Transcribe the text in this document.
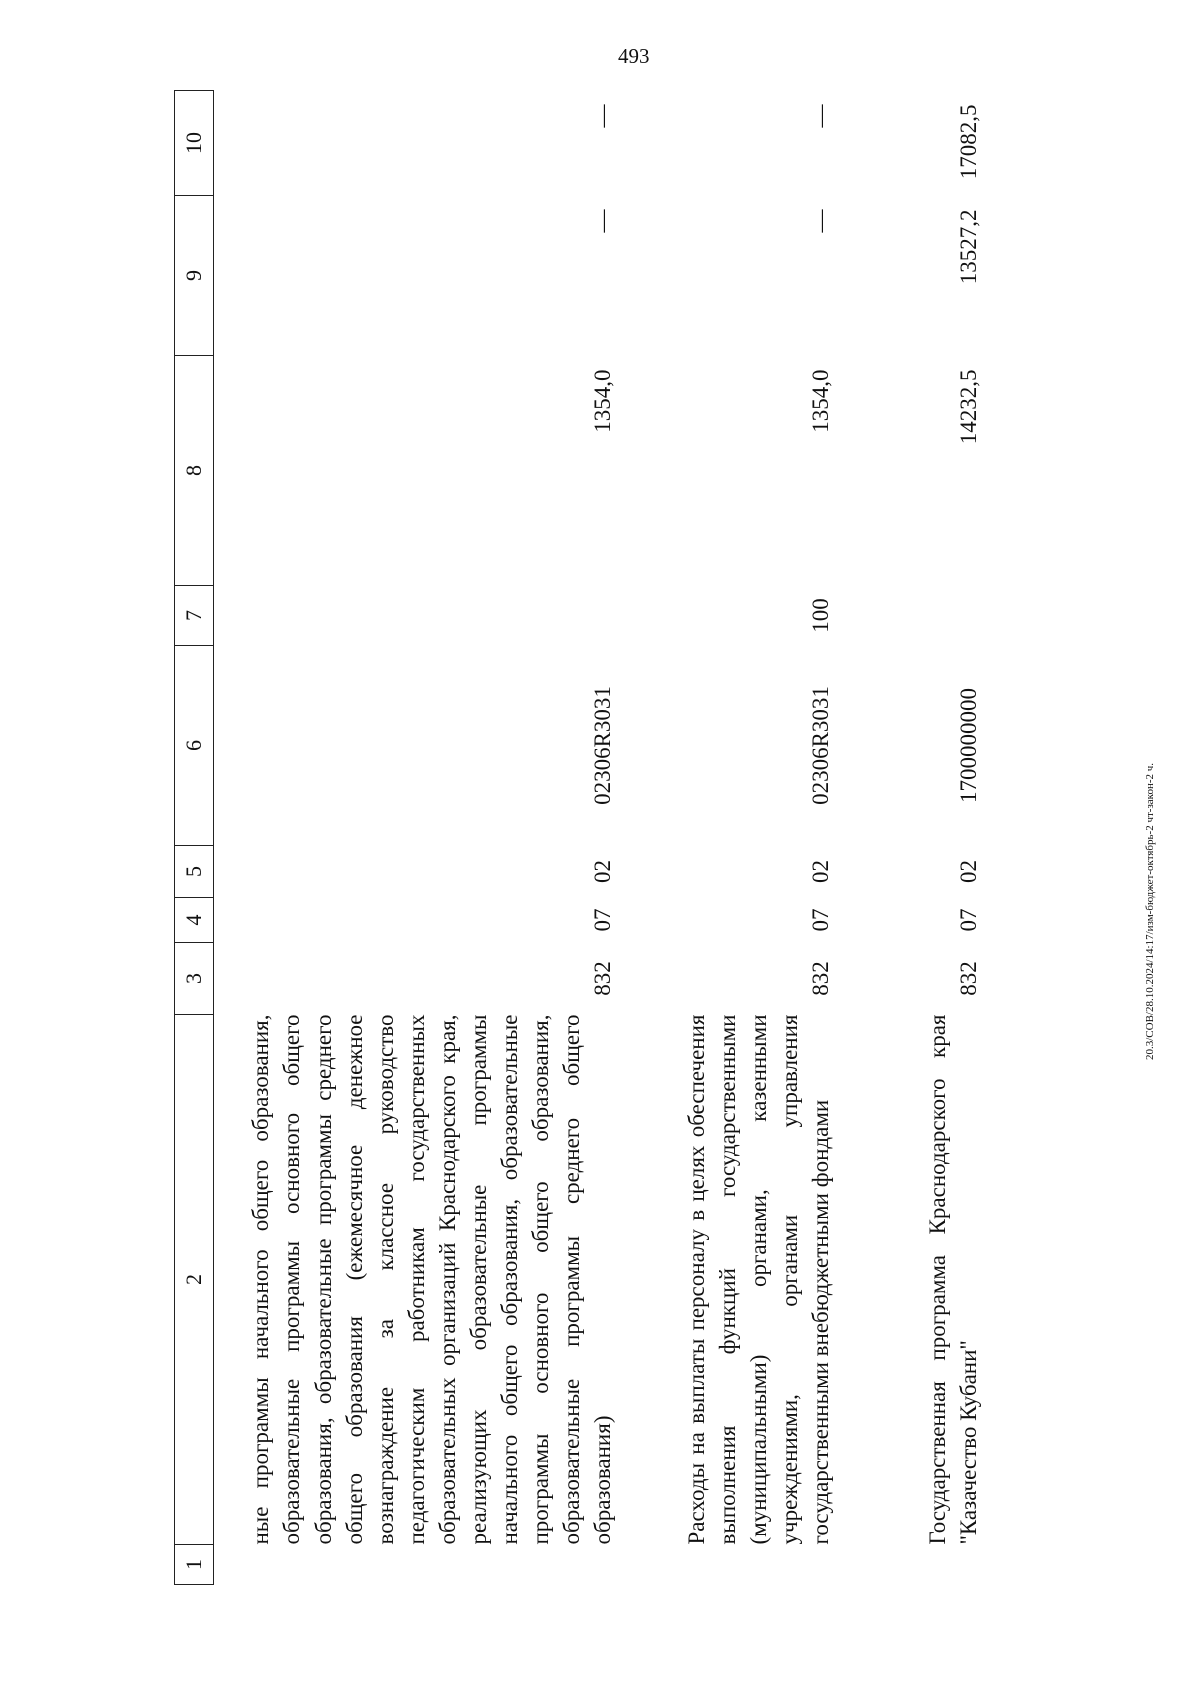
493
1	2	3	4	5	6	7	8	9	10
	ные программы начального общего образования, образовательные программы основного общего образования, образовательные программы среднего общего образования (ежемесячное денежное вознаграждение за классное руководство педагогическим работникам государственных образовательных организаций Краснодарского края, реализующих образовательные программы начального общего образования, образовательные программы основного общего образования, образовательные программы среднего общего образования)	832	07	02	02306R3031		1354,0	—	—
	Расходы на выплаты персоналу в целях обеспечения выполнения функций государственными (муниципальными) органами, казенными учреждениями, органами управления государственными внебюджетными фондами	832	07	02	02306R3031	100	1354,0	—	—
	Государственная программа Краснодарского края "Казачество Кубани"	832	07	02	1700000000		14232,5	13527,2	17082,5
20.3/СОВ/28.10.2024/14:17/изм-бюджет-октябрь-2 чт-закон-2 ч.
